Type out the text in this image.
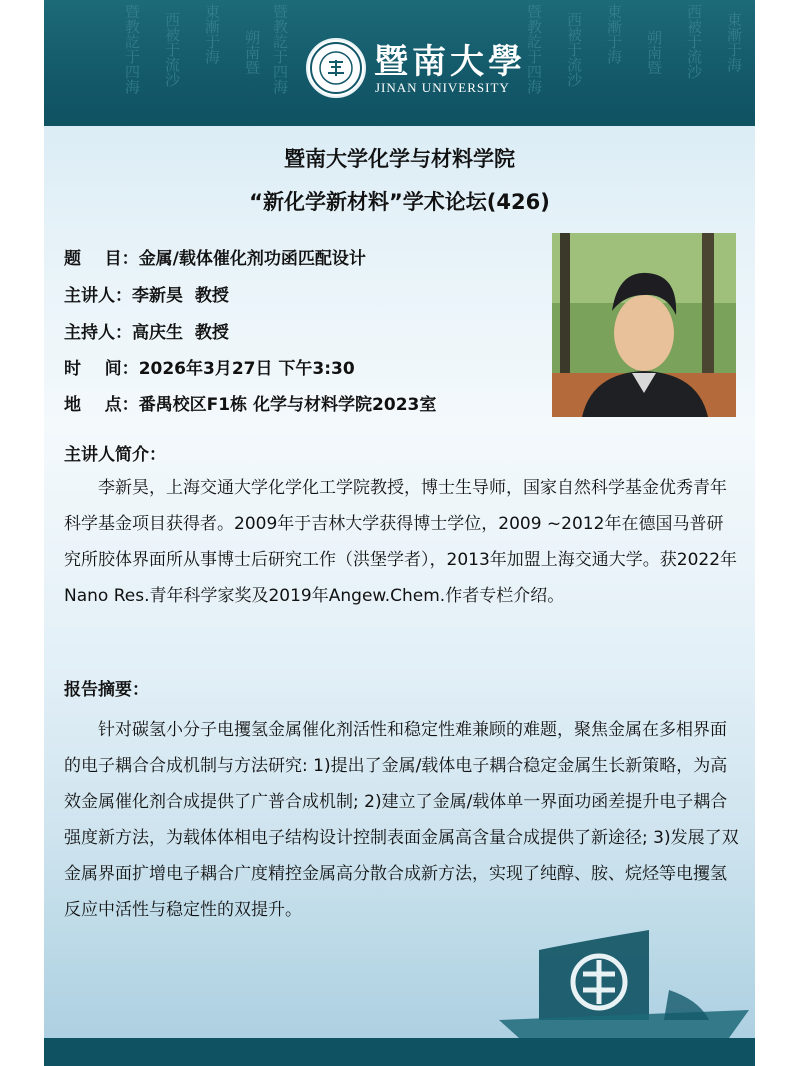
暨教訖于四海 西被于流沙 東漸于海 朔南暨 暨教訖于四海	暨教訖于四海 西被于流沙 東漸于海 朔南暨 西被于流沙 東漸于海
暨南大學
JINAN UNIVERSITY
暨南大学化学与材料学院
“新化学新材料”学术论坛(426)
题    目：金属/载体催化剂功函匹配设计
主讲人：李新昊  教授
主持人：高庆生  教授
时    间：2026年3月27日 下午3:30
地    点：番禺校区F1栋 化学与材料学院2023室
主讲人简介：

李新昊，上海交通大学化学化工学院教授，博士生导师，国家自然科学基金优秀青年科学基金项目获得者。2009年于吉林大学获得博士学位，2009 ~2012年在德国马普研究所胶体界面所从事博士后研究工作（洪堡学者），2013年加盟上海交通大学。获2022年Nano Res.青年科学家奖及2019年Angew.Chem.作者专栏介绍。

报告摘要：

针对碳氢小分子电攫氢金属催化剂活性和稳定性难兼顾的难题，聚焦金属在多相界面的电子耦合合成机制与方法研究: 1)提出了金属/载体电子耦合稳定金属生长新策略，为高效金属催化剂合成提供了广普合成机制; 2)建立了金属/载体单一界面功函差提升电子耦合强度新方法，为载体体相电子结构设计控制表面金属高含量合成提供了新途径; 3)发展了双金属界面扩增电子耦合广度精控金属高分散合成新方法，实现了纯醇、胺、烷烃等电攫氢反应中活性与稳定性的双提升。
